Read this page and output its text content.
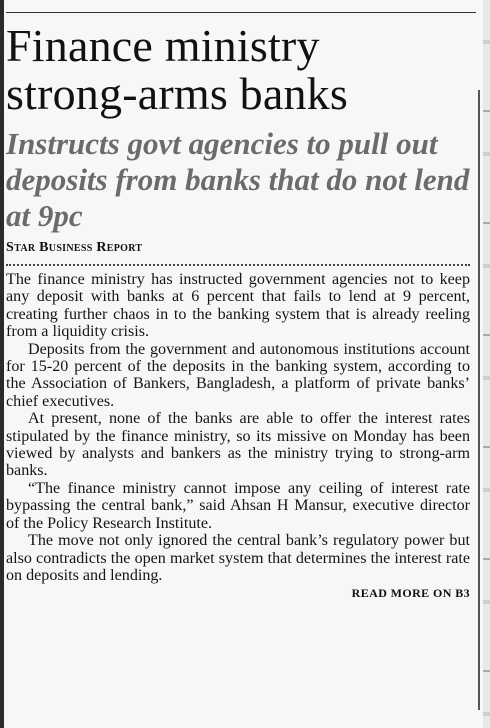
Finance ministry
strong-arms banks
Instructs govt agencies to pull out deposits from banks that do not lend at 9pc
Star Business Report

The finance ministry has instructed government agencies not to keep any deposit with banks at 6 percent that fails to lend at 9 percent, creating further chaos in to the banking system that is already reeling from a liquidity crisis.

Deposits from the government and autonomous institutions account for 15-20 percent of the deposits in the banking system, according to the Association of Bankers, Bangladesh, a platform of private banks’ chief executives.

At present, none of the banks are able to offer the interest rates stipulated by the finance ministry, so its missive on Monday has been viewed by analysts and bankers as the ministry trying to strong-arm banks.

“The finance ministry cannot impose any ceiling of interest rate bypassing the central bank,” said Ahsan H Mansur, executive director of the Policy Research Institute.

The move not only ignored the central bank’s regulatory power but also contradicts the open market system that determines the interest rate on deposits and lending.

READ MORE ON B3
